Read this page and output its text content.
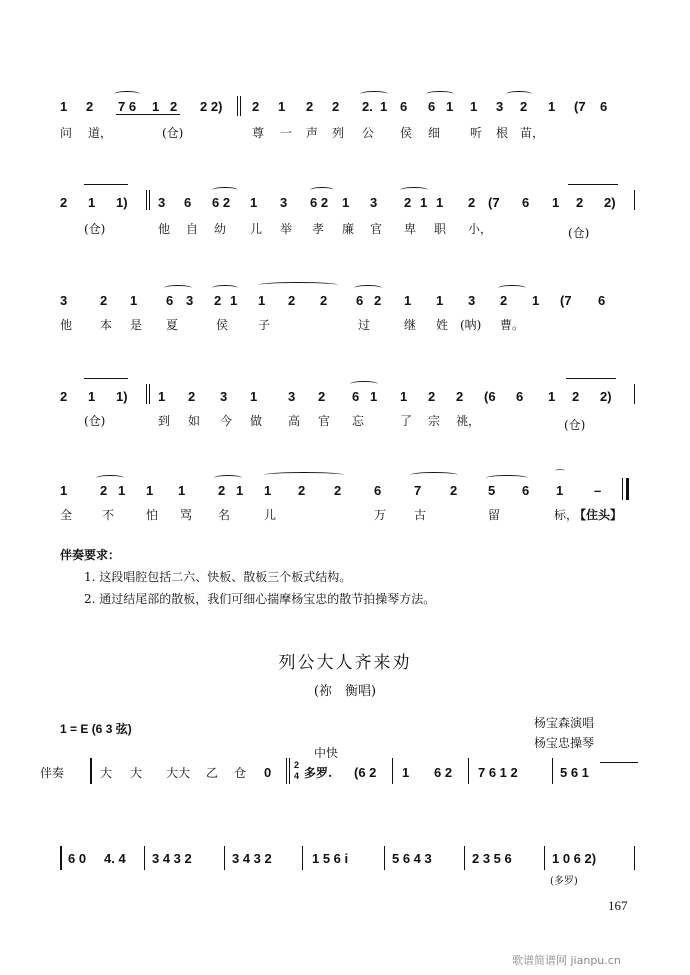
1 2 7 6 1 2 2 2) 2 1 2 2 2. 1 6 6 1 1 3 2 1 (7 6
问 道，	(仓)	尊 一 声 列 公 侯 细 听 根 苗，
2 1 1) 3 6 6 2 1 3 6 2 1 3 2 1 1 2 (7 6 1 2 2)
(仓)	他 自 幼 儿 举 孝 廉 官 卑 职 小，	(仓)
3	2 1 6 3 2 1 1 2 2 6 2 1 1 3 2 1 (7 6
他 本 是 夏	侯 子	过	继 姓 (呐) 曹。
2 1 1) 1 2 3 1 3 2 6 1 1 2 2 (6 6 1 2 2)
(仓)	到 如 今 做 高 官 忘	了 宗 祧，	(仓)
1	2 1 1 1	2 1 1 2 2	6	7 2 5 6 1
⌒
–
全 不	怕 骂 名	儿	万 古	留	标，
【住头】
伴奏要求：
1. 这段唱腔包括二六、快板、散板三个板式结构。
2. 通过结尾部的散板，我们可细心揣摩杨宝忠的散节拍操琴方法。
列公大人齐来劝
(祢　衡唱)
1 = E (6 3 弦)	杨宝森演唱
杨宝忠操琴
中快
伴奏	大 大 大大 乙 仓 0	2
4 多罗. (6 2 1 6 2 7 6 1 2	5 6 1
6 0 4. 4 3 4 3 2	3 4 3 2	1 5 6 i	5 6 4 3	2 3 5 6	1 0 6 2)
(多罗)
167
歌谱简谱网 jianpu.cn
